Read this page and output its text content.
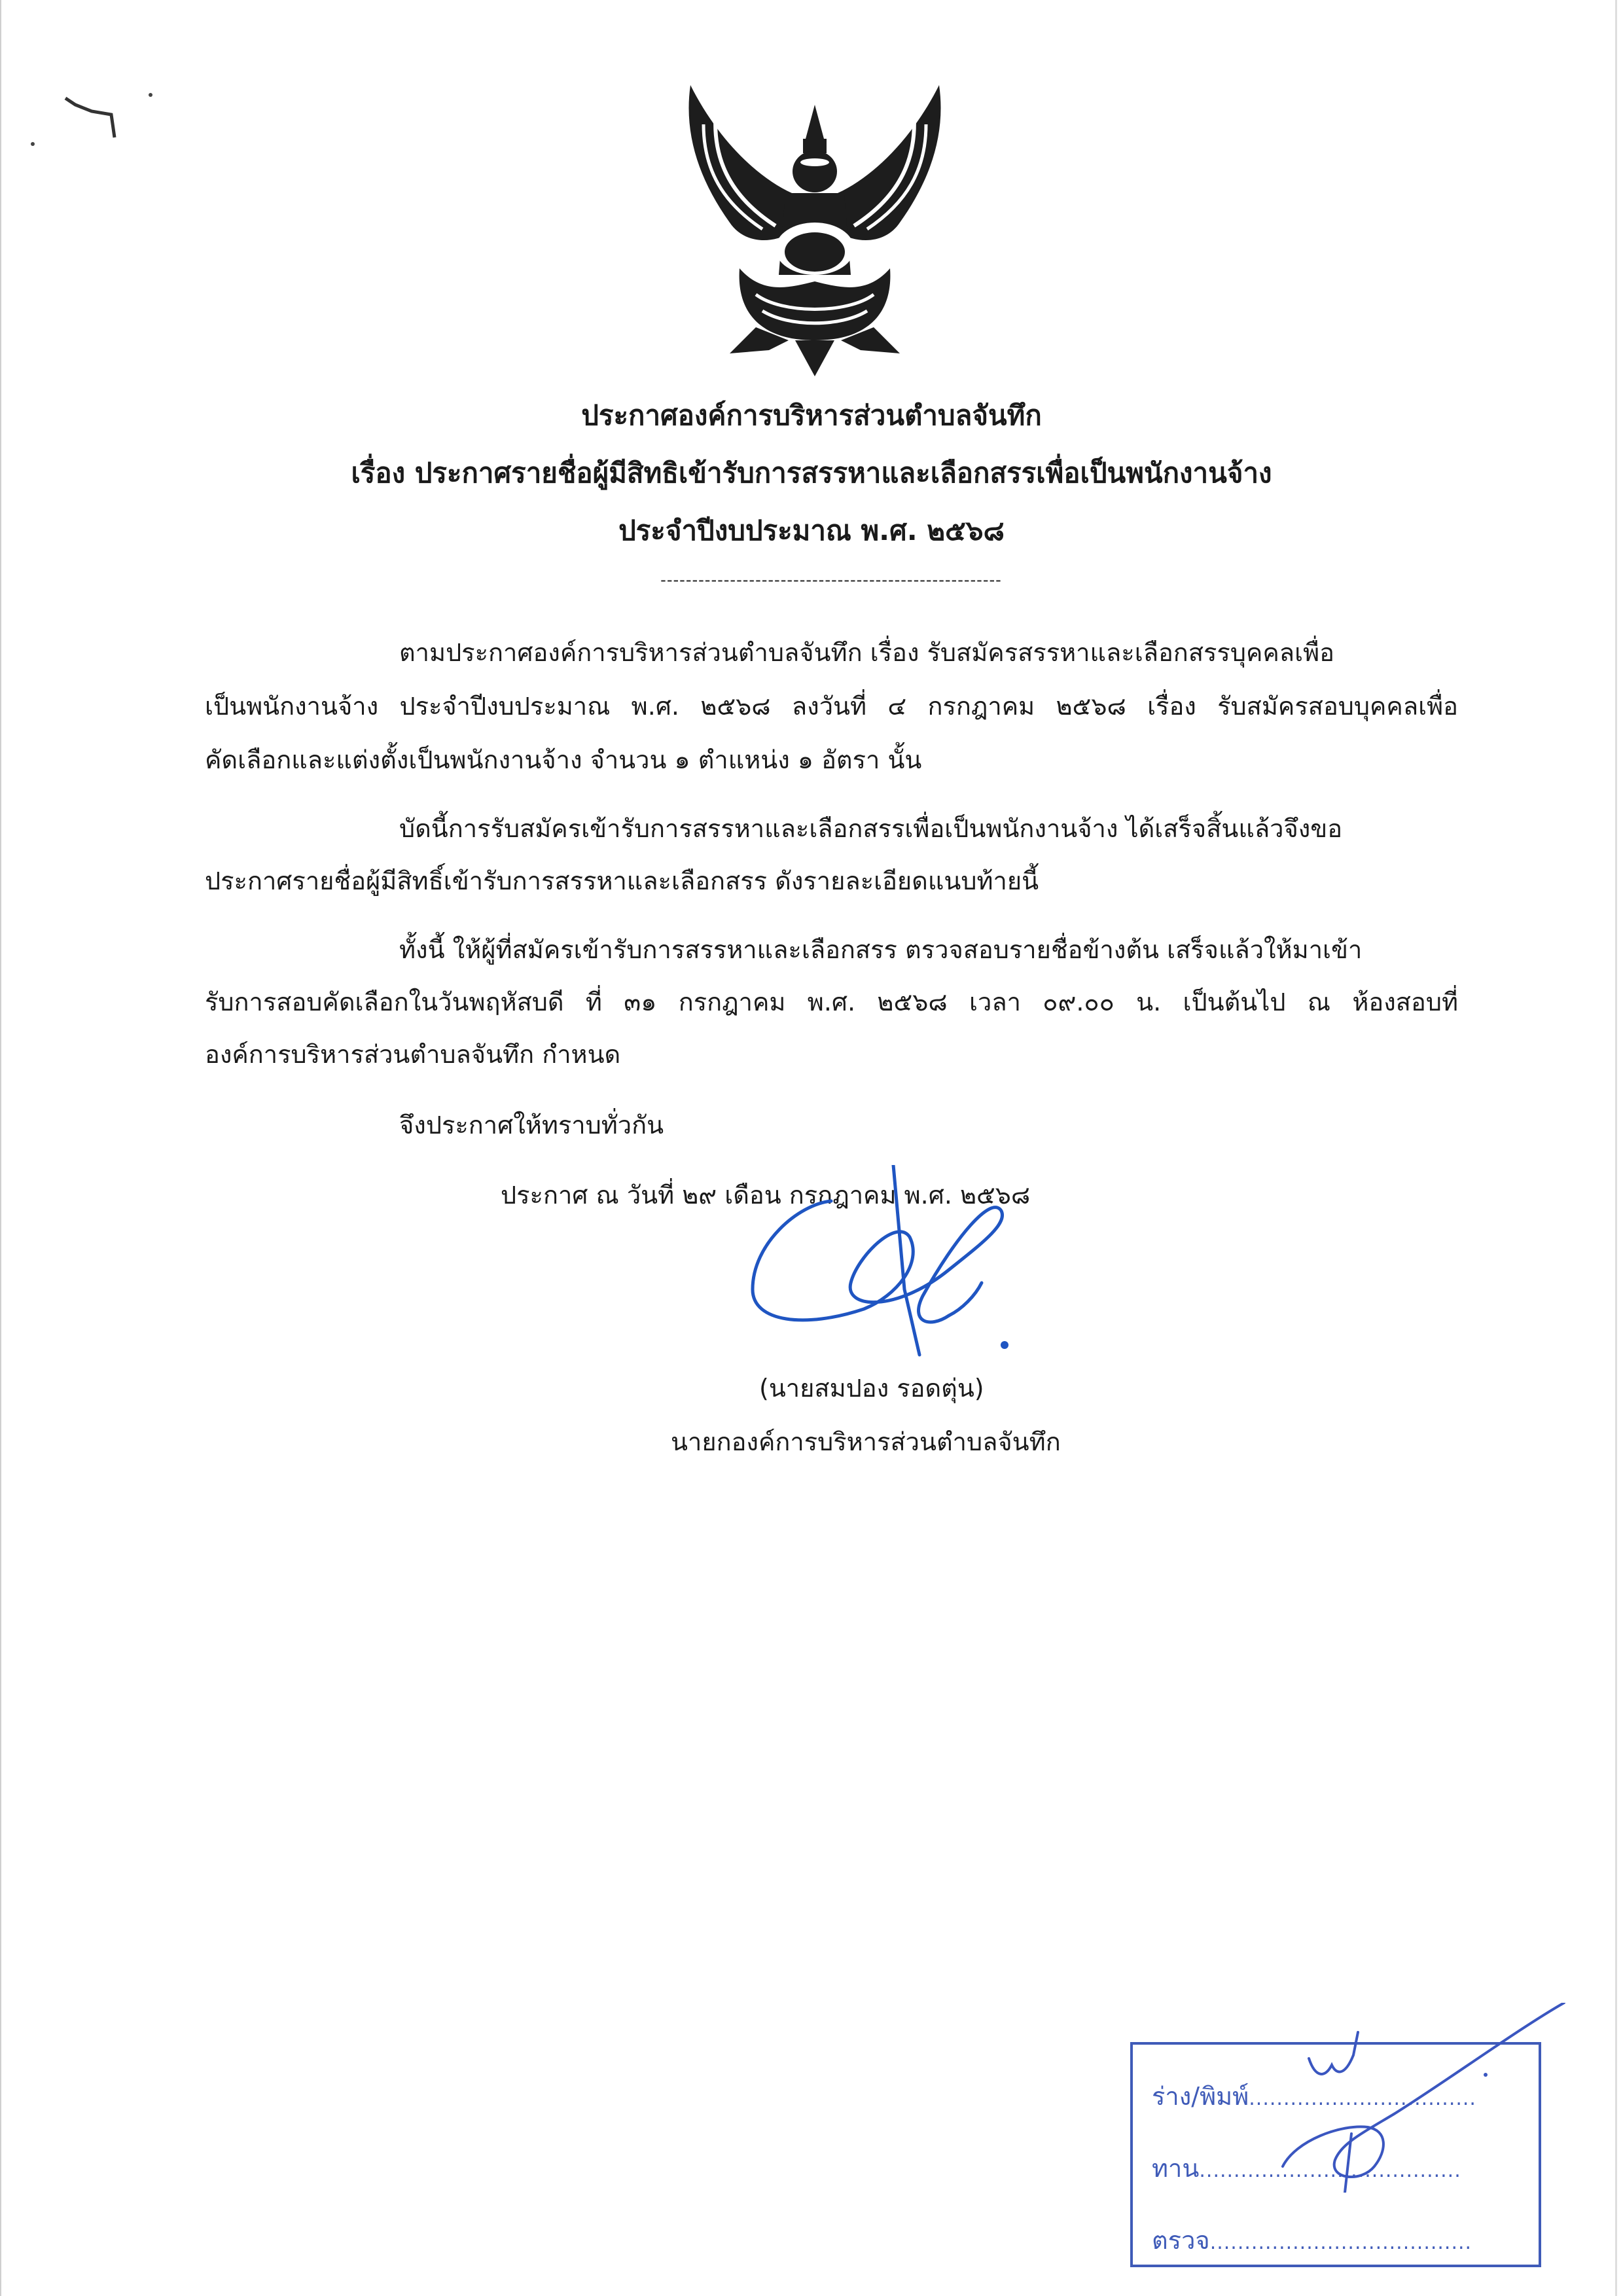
ประกาศองค์การบริหารส่วนตำบลจันทึก
เรื่อง ประกาศรายชื่อผู้มีสิทธิเข้ารับการสรรหาและเลือกสรรเพื่อเป็นพนักงานจ้าง
ประจำปีงบประมาณ พ.ศ. ๒๕๖๘
------------------------------------------------------
ตามประกาศองค์การบริหารส่วนตำบลจันทึก เรื่อง รับสมัครสรรหาและเลือกสรรบุคคลเพื่อ
เป็นพนักงานจ้าง ประจำปีงบประมาณ พ.ศ. ๒๕๖๘ ลงวันที่ ๔ กรกฎาคม ๒๕๖๘ เรื่อง รับสมัครสอบบุคคลเพื่อ
คัดเลือกและแต่งตั้งเป็นพนักงานจ้าง จำนวน ๑ ตำแหน่ง ๑ อัตรา นั้น
บัดนี้การรับสมัครเข้ารับการสรรหาและเลือกสรรเพื่อเป็นพนักงานจ้าง ได้เสร็จสิ้นแล้วจึงขอ
ประกาศรายชื่อผู้มีสิทธิ์เข้ารับการสรรหาและเลือกสรร ดังรายละเอียดแนบท้ายนี้
ทั้งนี้ ให้ผู้ที่สมัครเข้ารับการสรรหาและเลือกสรร ตรวจสอบรายชื่อข้างต้น เสร็จแล้วให้มาเข้า
รับการสอบคัดเลือกในวันพฤหัสบดี ที่ ๓๑ กรกฎาคม พ.ศ. ๒๕๖๘ เวลา ๐๙.๐๐ น. เป็นต้นไป ณ ห้องสอบที่
องค์การบริหารส่วนตำบลจันทึก กำหนด
จึงประกาศให้ทราบทั่วกัน
ประกาศ ณ วันที่ ๒๙ เดือน กรกฎาคม พ.ศ. ๒๕๖๘
(นายสมปอง รอดตุ่น)
นายกองค์การบริหารส่วนตำบลจันทึก
ร่าง/พิมพ์.................................
ทาน......................................
ตรวจ......................................
